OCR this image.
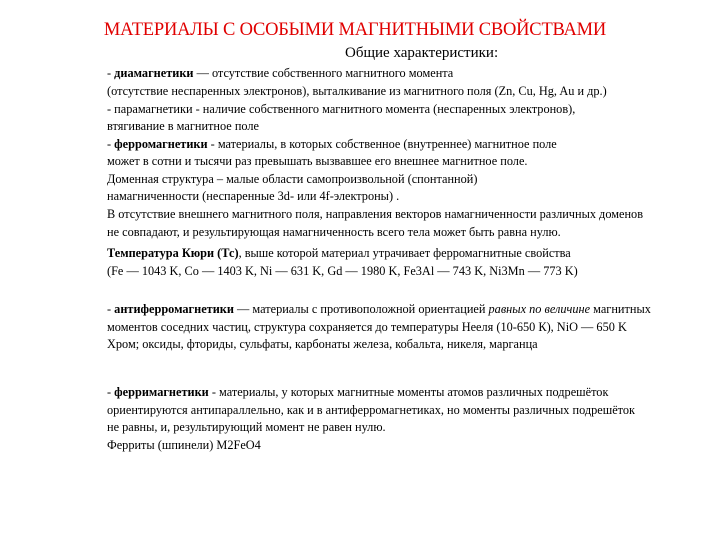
МАТЕРИАЛЫ С ОСОБЫМИ МАГНИТНЫМИ СВОЙСТВАМИ
Общие характеристики:
- диамагнетики — отсутствие собственного магнитного момента
(отсутствие неспаренных электронов), выталкивание из магнитного поля (Zn, Cu, Hg, Au и др.)
- парамагнетики - наличие собственного магнитного момента (неспаренных электронов),
втягивание в магнитное поле
- ферромагнетики - материалы, в которых собственное (внутреннее) магнитное поле
может в сотни и тысячи раз превышать вызвавшее его внешнее магнитное поле.
Доменная структура – малые области самопроизвольной (спонтанной)
намагниченности (неспаренные 3d- или 4f-электроны) .
В отсутствие внешнего магнитного поля, направления векторов намагниченности различных доменов
не совпадают, и результирующая намагниченность всего тела может быть равна нулю.
Температура Кюри (Тс), выше которой материал утрачивает ферромагнитные свойства
(Fe — 1043 K, Co — 1403 K, Ni — 631 K, Gd — 1980 K, Fe3Al — 743 K, Ni3Mn — 773 K)
- антиферромагнетики — материалы с противоположной ориентацией равных по величине магнитных
моментов соседних частиц, структура сохраняется до температуры Нееля (10-650 К), NiO — 650 K
Хром; оксиды, фториды, сульфаты, карбонаты железа, кобальта, никеля, марганца
- ферримагнетики - материалы, у которых магнитные моменты атомов различных подрешёток
ориентируются антипараллельно, как и в антиферромагнетиках, но моменты различных подрешёток
не равны, и, результирующий момент не равен нулю.
Ферриты (шпинели) M2FeO4
